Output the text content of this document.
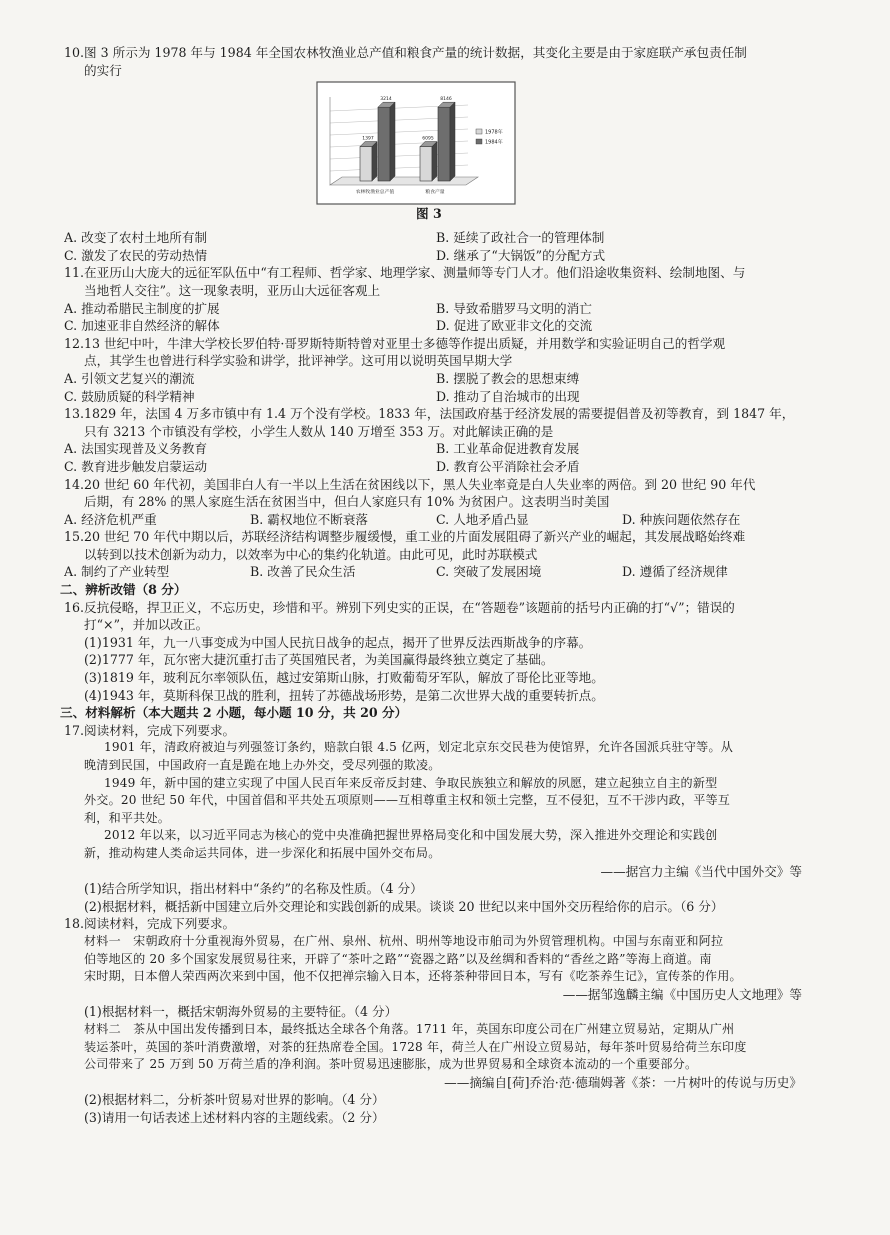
10.图 3 所示为 1978 年与 1984 年全国农林牧渔业总产值和粮食产量的统计数据，其变化主要是由于家庭联产承包责任制
的实行
1397
3214
6095
8146
农林牧渔业总产值	粮食产量
1978年
1984年
图 3
A. 改变了农村土地所有制	B. 延续了政社合一的管理体制
C. 激发了农民的劳动热情	D. 继承了“大锅饭”的分配方式
11.在亚历山大庞大的远征军队伍中“有工程师、哲学家、地理学家、测量师等专门人才。他们沿途收集资料、绘制地图、与
当地哲人交往”。这一现象表明，亚历山大远征客观上
A. 推动希腊民主制度的扩展	B. 导致希腊罗马文明的消亡
C. 加速亚非自然经济的解体	D. 促进了欧亚非文化的交流
12.13 世纪中叶，牛津大学校长罗伯特·哥罗斯特斯特曾对亚里士多德等作提出质疑，并用数学和实验证明自己的哲学观
点，其学生也曾进行科学实验和讲学，批评神学。这可用以说明英国早期大学
A. 引领文艺复兴的潮流	B. 摆脱了教会的思想束缚
C. 鼓励质疑的科学精神	D. 推动了自治城市的出现
13.1829 年，法国 4 万多市镇中有 1.4 万个没有学校。1833 年，法国政府基于经济发展的需要提倡普及初等教育，到 1847 年，
只有 3213 个市镇没有学校，小学生人数从 140 万增至 353 万。对此解读正确的是
A. 法国实现普及义务教育	B. 工业革命促进教育发展
C. 教育进步触发启蒙运动	D. 教育公平消除社会矛盾
14.20 世纪 60 年代初，美国非白人有一半以上生活在贫困线以下，黑人失业率竟是白人失业率的两倍。到 20 世纪 90 年代
后期，有 28% 的黑人家庭生活在贫困当中，但白人家庭只有 10% 为贫困户。这表明当时美国
A. 经济危机严重	B. 霸权地位不断衰落	C. 人地矛盾凸显	D. 种族问题依然存在
15.20 世纪 70 年代中期以后，苏联经济结构调整步履缓慢，重工业的片面发展阻碍了新兴产业的崛起，其发展战略始终难
以转到以技术创新为动力，以效率为中心的集约化轨道。由此可见，此时苏联模式
A. 制约了产业转型	B. 改善了民众生活	C. 突破了发展困境	D. 遵循了经济规律
二、辨析改错（8 分）
16.反抗侵略，捍卫正义，不忘历史，珍惜和平。辨别下列史实的正误，在“答题卷”该题前的括号内正确的打“√”；错误的
打“×”，并加以改正。
(1)1931 年，九一八事变成为中国人民抗日战争的起点，揭开了世界反法西斯战争的序幕。
(2)1777 年，瓦尔密大捷沉重打击了英国殖民者，为美国赢得最终独立奠定了基础。
(3)1819 年，玻利瓦尔率领队伍，越过安第斯山脉，打败葡萄牙军队，解放了哥伦比亚等地。
(4)1943 年，莫斯科保卫战的胜利，扭转了苏德战场形势，是第二次世界大战的重要转折点。
三、材料解析（本大题共 2 小题，每小题 10 分，共 20 分）
17.阅读材料，完成下列要求。
1901 年，清政府被迫与列强签订条约，赔款白银 4.5 亿两，划定北京东交民巷为使馆界，允许各国派兵驻守等。从
晚清到民国，中国政府一直是跪在地上办外交，受尽列强的欺凌。
1949 年，新中国的建立实现了中国人民百年来反帝反封建、争取民族独立和解放的夙愿，建立起独立自主的新型
外交。20 世纪 50 年代，中国首倡和平共处五项原则——互相尊重主权和领土完整，互不侵犯，互不干涉内政，平等互
利，和平共处。
2012 年以来，以习近平同志为核心的党中央准确把握世界格局变化和中国发展大势，深入推进外交理论和实践创
新，推动构建人类命运共同体，进一步深化和拓展中国外交布局。
——据宫力主编《当代中国外交》等
(1)结合所学知识，指出材料中“条约”的名称及性质。（4 分）
(2)根据材料，概括新中国建立后外交理论和实践创新的成果。谈谈 20 世纪以来中国外交历程给你的启示。（6 分）
18.阅读材料，完成下列要求。
材料一　宋朝政府十分重视海外贸易，在广州、泉州、杭州、明州等地设市舶司为外贸管理机构。中国与东南亚和阿拉
伯等地区的 20 多个国家发展贸易往来，开辟了“茶叶之路”“瓷器之路”以及丝绸和香料的“香丝之路”等海上商道。南
宋时期，日本僧人荣西两次来到中国，他不仅把禅宗输入日本，还将茶种带回日本，写有《吃茶养生记》，宣传茶的作用。
——据邹逸麟主编《中国历史人文地理》等
(1)根据材料一，概括宋朝海外贸易的主要特征。（4 分）
材料二　茶从中国出发传播到日本，最终抵达全球各个角落。1711 年，英国东印度公司在广州建立贸易站，定期从广州
装运茶叶，英国的茶叶消费激增，对茶的狂热席卷全国。1728 年，荷兰人在广州设立贸易站，每年茶叶贸易给荷兰东印度
公司带来了 25 万到 50 万荷兰盾的净利润。茶叶贸易迅速膨胀，成为世界贸易和全球资本流动的一个重要部分。
——摘编自[荷]乔治·范·德瑞姆著《茶：一片树叶的传说与历史》
(2)根据材料二，分析茶叶贸易对世界的影响。（4 分）
(3)请用一句话表述上述材料内容的主题线索。（2 分）
